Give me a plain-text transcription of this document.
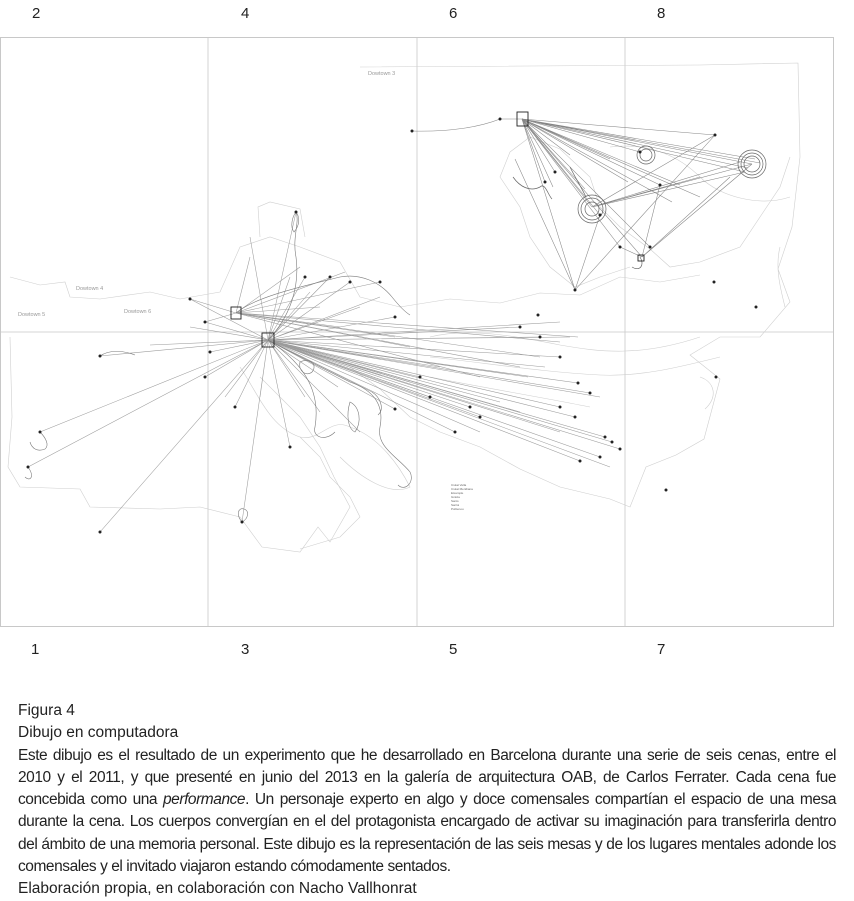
2	4	6	8
1	3	5	7
Dowtown 3
Dowtown 4
Dowtown 5	Dowtown 6
Ciutat Vella
Ciutat Meridiana
Eixample
Gràcia
Sants
Sarrià
Poblenou

Figura 4

Dibujo en computadora

Este dibujo es el resultado de un experimento que he desarrollado en Barcelona durante una serie de seis cenas, entre el 2010 y el 2011, y que presenté en junio del 2013 en la galería de arquitectura OAB, de Carlos Ferrater. Cada cena fue concebida como una performance. Un personaje experto en algo y doce comensales compartían el espacio de una mesa durante la cena. Los cuerpos convergían en el del protagonista encargado de activar su imaginación para transferirla dentro del ámbito de una memoria personal. Este dibujo es la representación de las seis mesas y de los lugares mentales adonde los comensales y el invitado viajaron estando cómodamente sentados.

Elaboración propia, en colaboración con Nacho Vallhonrat
